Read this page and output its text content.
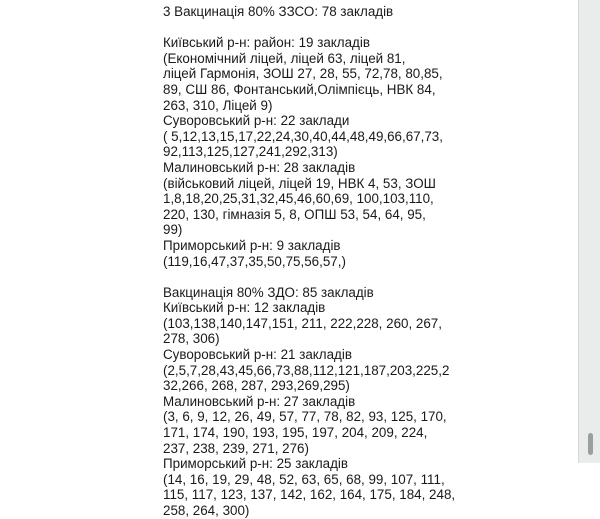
3 Вакцинація 80% ЗЗСО: 78 закладів
Київський р-н: район: 19 закладів
(Економічний ліцей, ліцей 63, ліцей 81,
ліцей Гармонія, ЗОШ 27, 28, 55, 72,78, 80,85,
89, СШ 86, Фонтанський,Олімпієць, НВК 84,
263, 310, Ліцей 9)
Суворовський р-н: 22 заклади
( 5,12,13,15,17,22,24,30,40,44,48,49,66,67,73,
92,113,125,127,241,292,313)
Малиновський р-н: 28 закладів
(військовий ліцей, ліцей 19, НВК 4, 53, ЗОШ
1,8,18,20,25,31,32,45,46,60,69, 100,103,110,
220, 130, гімназія 5, 8, ОПШ 53, 54, 64, 95,
99)
Приморський р-н: 9 закладів
(119,16,47,37,35,50,75,56,57,)
Вакцинація 80% ЗДО: 85 закладів
Київський р-н: 12 закладів
(103,138,140,147,151, 211, 222,228, 260, 267,
278, 306)
Суворовський р-н: 21 закладів
(2,5,7,28,43,45,66,73,88,112,121,187,203,225,2
32,266, 268, 287, 293,269,295)
Малиновський р-н: 27 закладів
(3, 6, 9, 12, 26, 49, 57, 77, 78, 82, 93, 125, 170,
171, 174, 190, 193, 195, 197, 204, 209, 224,
237, 238, 239, 271, 276)
Приморський р-н: 25 закладів
(14, 16, 19, 29, 48, 52, 63, 65, 68, 99, 107, 111,
115, 117, 123, 137, 142, 162, 164, 175, 184, 248,
258, 264, 300)
